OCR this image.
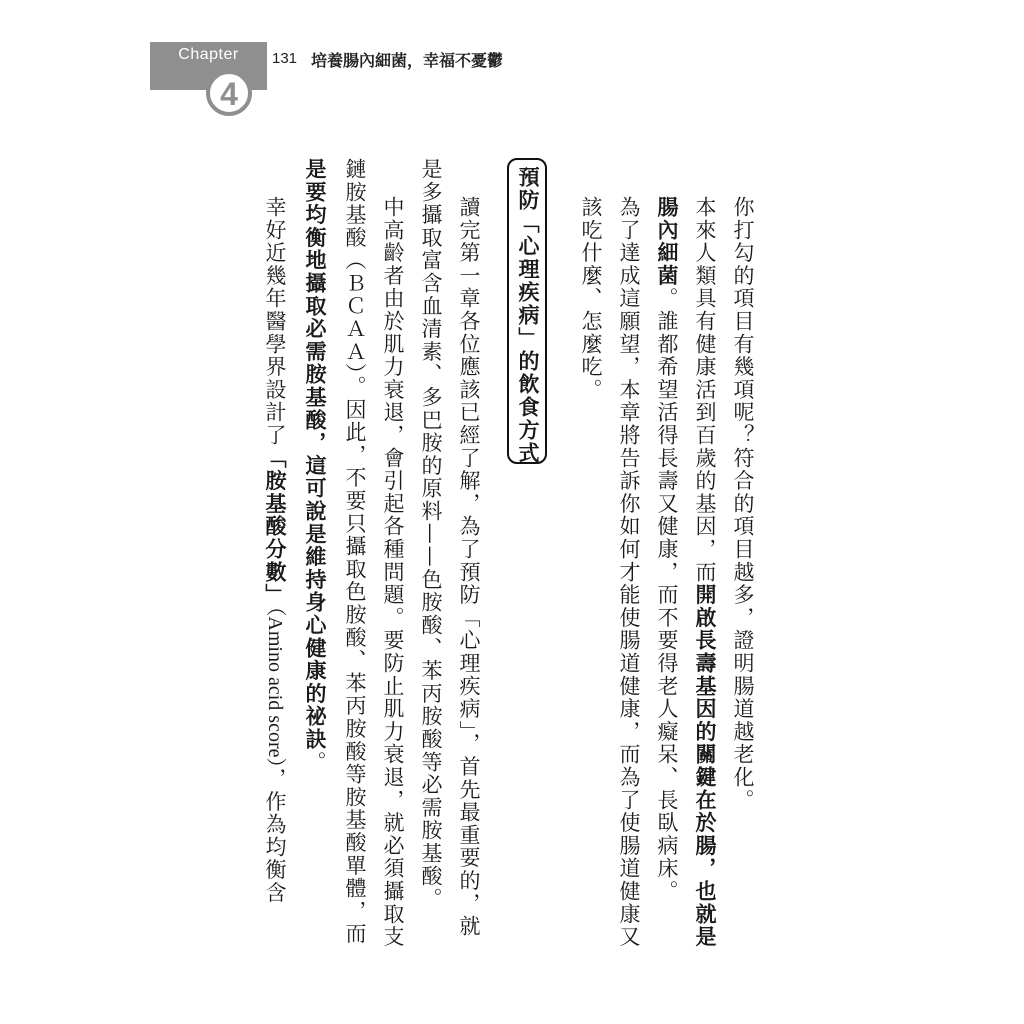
Chapter
4
131 培養腸內細菌，幸福不憂鬱
你打勾的項目有幾項呢？符合的項目越多，證明腸道越老化。
本來人類具有健康活到百歲的基因，而開啟長壽基因的關鍵在於腸，也就是
腸內細菌。誰都希望活得長壽又健康，而不要得老人癡呆、長臥病床。
為了達成這願望，本章將告訴你如何才能使腸道健康，而為了使腸道健康又
該吃什麼、怎麼吃。
預防「心理疾病」的飲食方式
讀完第一章各位應該已經了解，為了預防「心理疾病」，首先最重要的，就
是多攝取富含血清素、多巴胺的原料——色胺酸、苯丙胺酸等必需胺基酸。
中高齡者由於肌力衰退，會引起各種問題。要防止肌力衰退，就必須攝取支
鏈胺基酸（ＢＣＡＡ）。因此，不要只攝取色胺酸、苯丙胺酸等胺基酸單體，而
是要均衡地攝取必需胺基酸，這可說是維持身心健康的祕訣。
幸好近幾年醫學界設計了「胺基酸分數」（Amino acid score），作為均衡含
